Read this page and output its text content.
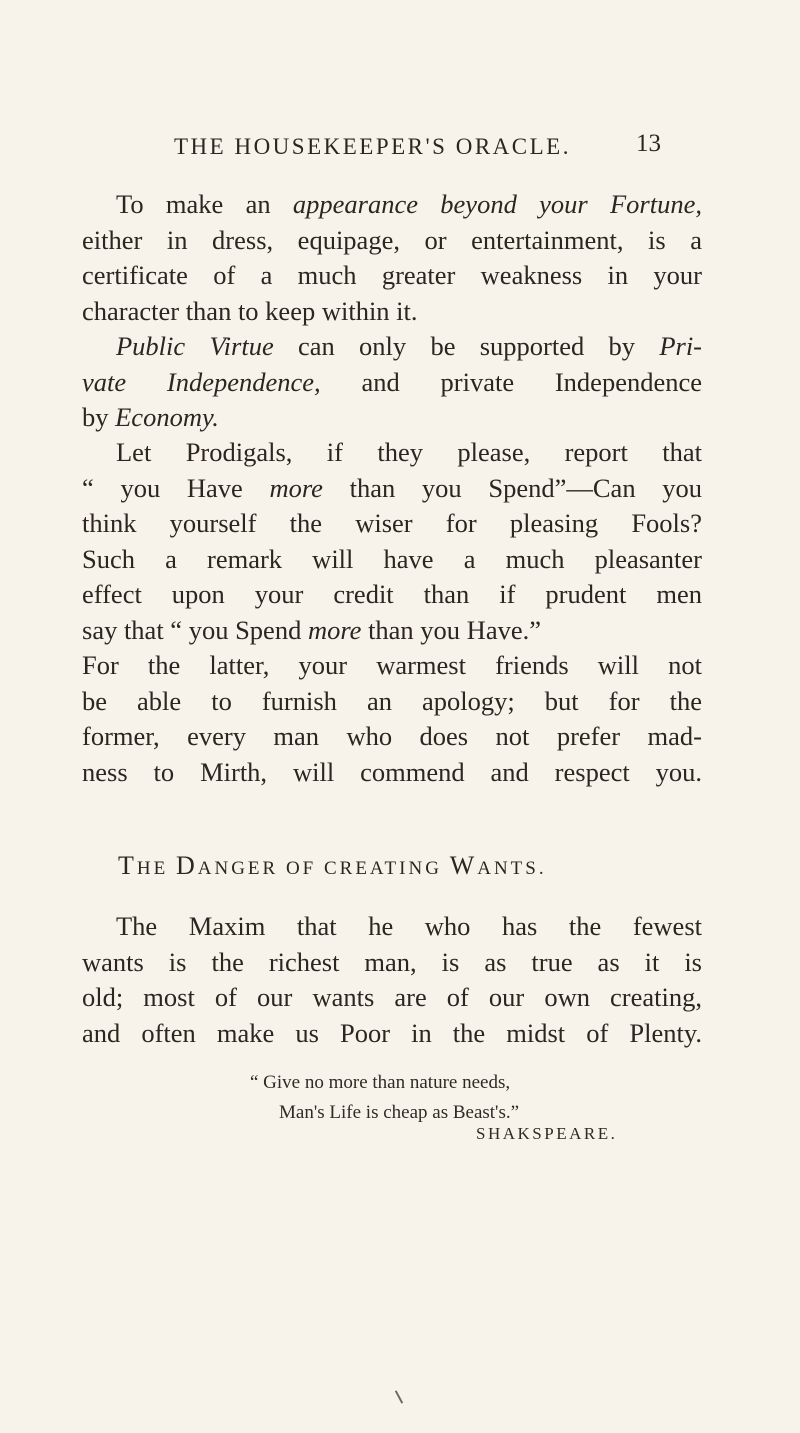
THE HOUSEKEEPER'S ORACLE.	13
To make an appearance beyond your Fortune,
either in dress, equipage, or entertainment, is a
certificate of a much greater weakness in your
character than to keep within it.
Public Virtue can only be supported by Pri-
vate Independence, and private Independence
by Economy.
Let Prodigals, if they please, report that
“ you Have more than you Spend”—Can you
think yourself the wiser for pleasing Fools?
Such a remark will have a much pleasanter
effect upon your credit than if prudent men
say that “ you Spend more than you Have.”
For the latter, your warmest friends will not
be able to furnish an apology; but for the
former, every man who does not prefer mad-
ness to Mirth, will commend and respect you.
THE DANGER OF CREATING WANTS.
The Maxim that he who has the fewest
wants is the richest man, is as true as it is
old; most of our wants are of our own creating,
and often make us Poor in the midst of Plenty.
“ Give no more than nature needs,
Man's Life is cheap as Beast's.”
SHAKSPEARE.
